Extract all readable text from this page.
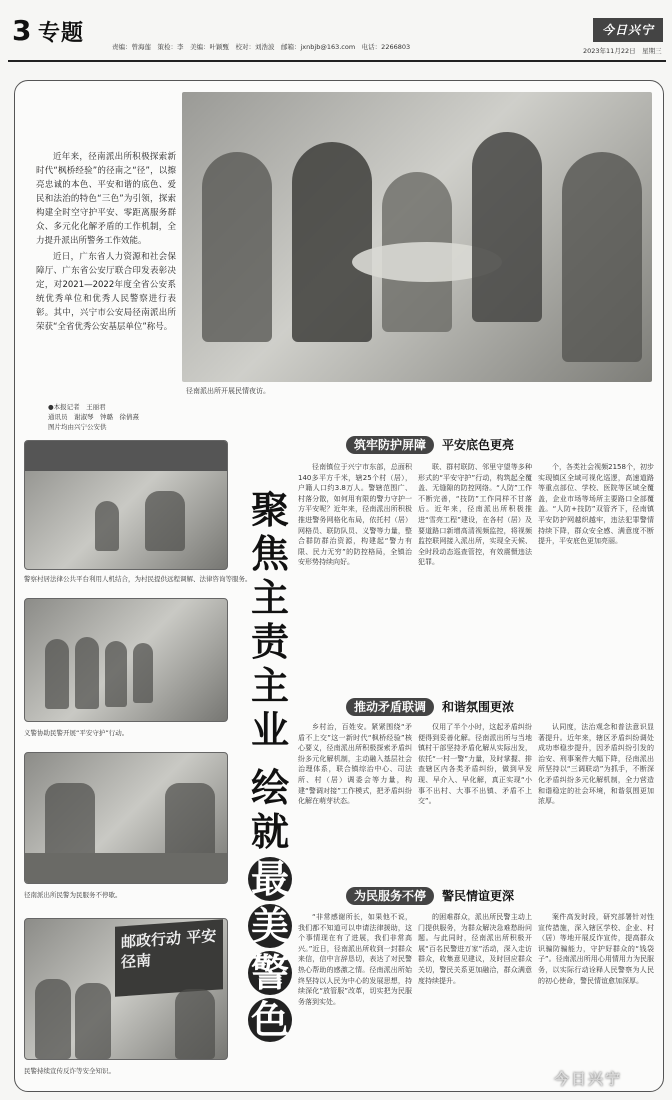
3 专题
责编：曾海莲　策检：李　美编：叶颖甄　校对：刘浩波　邮箱：jxnbjb@163.com　电话：2266803
今日兴宁
2023年11月22日　星期三

近年来，径南派出所积极探索新时代“枫桥经验”的径南之“径”，以擦亮忠诚的本色、平安和谐的底色、爱民和法治的特色“三色”为引领，探索构建全时空守护平安、零距离服务群众、多元化化解矛盾的工作机制，全力提升派出所警务工作效能。

近日，广东省人力资源和社会保障厅、广东省公安厅联合印发表彰决定，对2021—2022年度全省公安系统优秀单位和优秀人民警察进行表彰。其中，兴宁市公安局径南派出所荣获“全省优秀公安基层单位”称号。

径南派出所开展民情夜访。
●本报记者　王丽君
通讯员　谢淑琴　钟璐　徐倩熹
图片均由兴宁公安供
警察村居法律公共平台利用人机结合，为村民提供远程调解、法律咨询等服务。
义警协助民警开展“平安守护”行动。
径南派出所民警为民服务不停歇。
邮政行动 平安径南
民警持续宣传反诈等安全知识。
聚
焦
主
责
主
业
绘
就
最
美
警
色
筑牢防护屏障 平安底色更亮

径南镇位于兴宁市东部，总面积140多平方千米，辖25个村（居），户籍人口约3.8万人。警辖范围广、村落分散，如何用有限的警力守护一方平安呢？近年来，径南派出所积极推进警务网格化布局，依托村（居）网格员、联防队员、义警等力量，整合群防群治资源，构建起“警力有限、民力无穷”的防控格局，全镇治安形势持续向好。

联、群村联防、邻里守望等多种形式的“平安守护”行动，构筑起全覆盖、无缝隙的防控网络。“人防”工作不断完善，“技防”工作同样不甘落后。近年来，径南派出所积极推进“雪亮工程”建设，在各村（居）及要道路口新增高清视频监控，将视频监控联网接入派出所，实现全天候、全时段动态巡查管控，有效震慑违法犯罪。

个，各类社会视频2158个，初步实现镇区全域可视化巡逻，高速道路等重点部位、学校、医院等区域全覆盖，企业市场等场所主要路口全部覆盖。“人防+技防”双管齐下，径南镇平安防护网越织越牢，违法犯罪警情持续下降，群众安全感、满意度不断提升，平安底色更加亮丽。

推动矛盾联调 和谐氛围更浓

乡村治，百姓安。紧紧围绕“矛盾不上交”这一新时代“枫桥经验”核心要义，径南派出所积极探索矛盾纠纷多元化解机制，主动融入基层社会治理体系，联合镇综治中心、司法所、村（居）调委会等力量，构建“警调对接”工作模式，把矛盾纠纷化解在萌芽状态。

仅用了半个小时，这起矛盾纠纷便得到妥善化解。径南派出所与当地镇村干部坚持矛盾化解从实际出发，依托“一村一警”力量，及时掌握、排查辖区内各类矛盾纠纷，做到早发现、早介入、早化解，真正实现“小事不出村、大事不出镇、矛盾不上交”。

认同度，法治观念和普法意识显著提升。近年来，辖区矛盾纠纷调处成功率稳步提升，因矛盾纠纷引发的治安、刑事案件大幅下降，径南派出所坚持以“三调联动”为抓手，不断深化矛盾纠纷多元化解机制，全力营造和谐稳定的社会环境，和谐氛围更加浓厚。

为民服务不停 警民情谊更深

“非常感谢所长，如果他不说，我们都不知道可以申请法律援助，这个事情现在有了进展，我们非常高兴。”近日，径南派出所收到一封群众来信，信中言辞恳切，表达了对民警热心帮助的感激之情。径南派出所始终坚持以人民为中心的发展思想，持续深化“放管服”改革，切实把为民服务落到实处。

的困难群众，派出所民警主动上门提供服务，为群众解决急难愁盼问题。与此同时，径南派出所积极开展“百名民警进万家”活动，深入走访群众，收集意见建议，及时回应群众关切，警民关系更加融洽，群众满意度持续提升。

案件高发时段，研究部署针对性宣传措施，深入辖区学校、企业、村（居）等地开展反诈宣传，提高群众识骗防骗能力，守护好群众的“钱袋子”。径南派出所用心用情用力为民服务，以实际行动诠释人民警察为人民的初心使命，警民情谊愈加深厚。

今日兴宁
